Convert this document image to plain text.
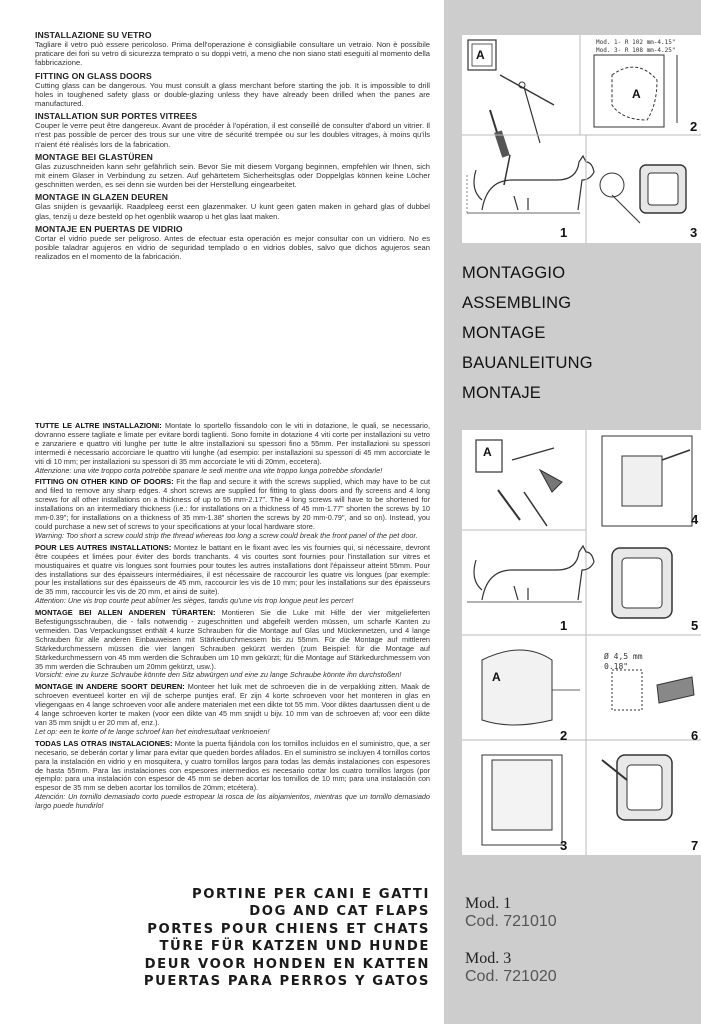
INSTALLAZIONE SU VETRO

Tagliare il vetro può essere pericoloso. Prima dell'operazione è consigliabile consultare un vetraio. Non è possibile praticare dei fori su vetro di sicurezza temprato o su doppi vetri, a meno che non siano stati eseguiti al momento della fabbricazione.

FITTING ON GLASS DOORS

Cutting glass can be dangerous. You must consult a glass merchant before starting the job. It is impossible to drill holes in toughened safety glass or double-glazing unless they have already been drilled when the panes are manufactured.

INSTALLATION SUR PORTES VITREES

Couper le verre peut être dangereux. Avant de procéder à l'opération, il est conseillé de consulter d'abord un vitrier. Il n'est pas possible de percer des trous sur une vitre de sécurité trempée ou sur les doubles vitrages, à moins qu'ils n'aient été réalisés lors de la fabrication.

MONTAGE BEI GLASTÜREN

Glas zuzuschneiden kann sehr gefährlich sein. Bevor Sie mit diesem Vorgang beginnen, empfehlen wir Ihnen, sich mit einem Glaser in Verbindung zu setzen. Auf gehärtetem Sicherheitsglas oder Doppelglas können keine Löcher geschnitten werden, es sei denn sie wurden bei der Herstellung eingearbeitet.

MONTAGE IN GLAZEN DEUREN

Glas snijden is gevaarlijk. Raadpleeg eerst een glazenmaker. U kunt geen gaten maken in gehard glas of dubbel glas, tenzij u deze besteld op het ogenblik waarop u het glas laat maken.

MONTAJE EN PUERTAS DE VIDRIO

Cortar el vidrio puede ser peligroso. Antes de efectuar esta operación es mejor consultar con un vidriero. No es posible taladrar agujeros en vidrio de seguridad templado o en vidrios dobles, salvo que dichos agujeros sean realizados en el momento de la fabricación.

Mod. 1- R 102 mm-4.15"
Mod. 3- R 108 mm-4.25"
A
A
1
2
3
MONTAGGIO
ASSEMBLING
MONTAGE
BAUANLEITUNG
MONTAJE
A
A
4
1	5
2	6
3	7
Ø 4,5 mm
0.18"

TUTTE LE ALTRE INSTALLAZIONI: Montate lo sportello fissandolo con le viti in dotazione, le quali, se necessario, dovranno essere tagliate e limate per evitare bordi taglienti. Sono fornite in dotazione 4 viti corte per installazioni su vetro e zanzariere e quattro viti lunghe per tutte le altre installazioni su spessori fino a 55mm. Per installazioni su spessori intermedi è necessario accorciare le quattro viti lunghe (ad esempio: per installazioni su spessori di 45 mm accorciate le viti di 10 mm; per installazioni su spessori di 35 mm accorciate le viti di 20mm, eccetera).
Attenzione: una vite troppo corta potrebbe spanare le sedi mentre una vite troppo lunga potrebbe sfondarle!

FITTING ON OTHER KIND OF DOORS: Fit the flap and secure it with the screws supplied, which may have to be cut and filed to remove any sharp edges. 4 short screws are supplied for fitting to glass doors and fly screens and 4 long screws for all other installations on a thickness of up to 55 mm-2.17". The 4 long screws will have to be shortened for installations on an intermediary thickness (i.e.: for installations on a thickness of 45 mm-1.77" shorten the screws by 10 mm-0.39"; for installations on a thickness of 35 mm-1.38" shorten the screws by 20 mm-0.79", and so on). Instead, you could purchase a new set of screws to your specifications at your local hardware store.
Warning: Too short a screw could strip the thread whereas too long a screw could break the front panel of the pet door.

POUR LES AUTRES INSTALLATIONS: Montez le battant en le fixant avec les vis fournies qui, si nécessaire, devront être coupées et limées pour éviter des bords tranchants. 4 vis courtes sont fournies pour l'installation sur vitres et moustiquaires et quatre vis longues sont fournies pour toutes les autres installations dont l'épaisseur atteint 55mm. Pour des installations sur des épaisseurs intermédiaires, il est nécessaire de raccourcir les quatre vis longues (par exemple: pour les installations sur des épaisseurs de 45 mm, raccourcir les vis de 10 mm; pour les installations sur des épaisseurs de 35 mm, raccourcir les vis de 20 mm, et ainsi de suite).
Attention: Une vis trop courte peut abîmer les sièges, tandis qu'une vis trop longue peut les percer!

MONTAGE BEI ALLEN ANDEREN TÜRARTEN: Montieren Sie die Luke mit Hilfe der vier mitgelieferten Befestigungsschrauben, die - falls notwendig - zugeschnitten und abgefeilt werden müssen, um scharfe Kanten zu vermeiden. Das Verpackungsset enthält 4 kurze Schrauben für die Montage auf Glas und Mückennetzen, und 4 lange Schrauben für alle anderen Einbauweisen mit Stärkedurchmessern bis zu 55mm. Für die Montage auf mittleren Stärkedurchmessern müssen die vier langen Schrauben gekürzt werden (zum Beispiel: für die Montage auf Stärkedurchmessern von 45 mm werden die Schrauben um 10 mm gekürzt; für die Montage auf Stärkedurchmessern von 35 mm werden die Schrauben um 20mm gekürzt, usw.).
Vorsicht: eine zu kurze Schraube könnte den Sitz abwürgen und eine zu lange Schraube könnte ihn durchstoßen!

MONTAGE IN ANDERE SOORT DEUREN: Monteer het luik met de schroeven die in de verpakking zitten. Maak de schroeven eventueel korter en vijl de scherpe puntjes eraf. Er zijn 4 korte schroeven voor het monteren in glas en vliegengaas en 4 lange schroeven voor alle andere materialen met een dikte tot 55 mm. Voor diktes daartussen dient u de 4 lange schroeven korter te maken (voor een dikte van 45 mm snijdt u bijv. 10 mm van de schroeven af; voor een dikte van 35 mm snijdt u er 20 mm af, enz.).
Let op: een te korte of te lange schroef kan het eindresultaat verknoeien!

TODAS LAS OTRAS INSTALACIONES: Monte la puerta fijándola con los tornillos incluidos en el suministro, que, a ser necesario, se deberán cortar y limar para evitar que queden bordes afilados. En el suministro se incluyen 4 tornillos cortos para la instalación en vidrio y en mosquitera, y cuatro tornillos largos para todas las demás instalaciones con espesores de hasta 55mm. Para las instalaciones con espesores intermedios es necesario cortar los cuatro tornillos largos (por ejemplo: para una instalación con espesor de 45 mm se deben acortar los tornillos de 10 mm; para una instalación con espesor de 35 mm se deben acortar los tornillos de 20mm; etcétera).
Atención: Un tornillo demasiado corto puede estropear la rosca de los alojamientos, mientras que un tornillo demasiado largo puede hundirlo!

PORTINE PER CANI E GATTI
DOG AND CAT FLAPS
PORTES POUR CHIENS ET CHATS
TÜRE FÜR KATZEN UND HUNDE
DEUR VOOR HONDEN EN KATTEN
PUERTAS PARA PERROS Y GATOS
Mod. 1
Cod. 721010
Mod. 3
Cod. 721020
